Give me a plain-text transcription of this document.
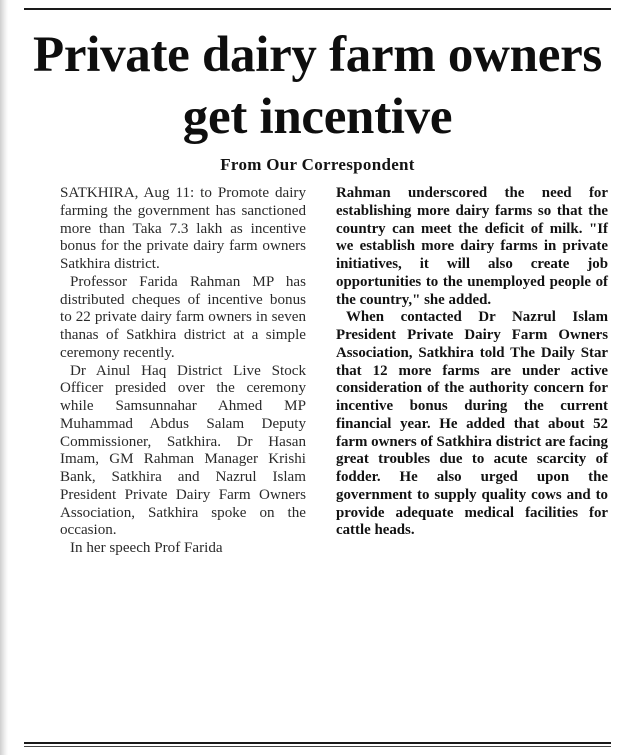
Private dairy farm owners get incentive
From Our Correspondent

SATKHIRA, Aug 11: to Promote dairy farming the government has sanctioned more than Taka 7.3 lakh as incentive bonus for the private dairy farm owners Satkhira district.

Professor Farida Rahman MP has distributed cheques of incentive bonus to 22 private dairy farm owners in seven thanas of Satkhira district at a simple ceremony recently.

Dr Ainul Haq District Live Stock Officer presided over the ceremony while Samsunnahar Ahmed MP Muhammad Abdus Salam Deputy Commissioner, Satkhira. Dr Hasan Imam, GM Rahman Manager Krishi Bank, Satkhira and Nazrul Islam President Private Dairy Farm Owners Association, Satkhira spoke on the occasion.

In her speech Prof Farida

Rahman underscored the need for establishing more dairy farms so that the country can meet the deficit of milk. "If we establish more dairy farms in private initiatives, it will also create job opportunities to the unemployed people of the country," she added.

When contacted Dr Nazrul Islam President Private Dairy Farm Owners Association, Satkhira told The Daily Star that 12 more farms are under active consideration of the authority concern for incentive bonus during the current financial year. He added that about 52 farm owners of Satkhira district are facing great troubles due to acute scarcity of fodder. He also urged upon the government to supply quality cows and to provide adequate medical facilities for cattle heads.
